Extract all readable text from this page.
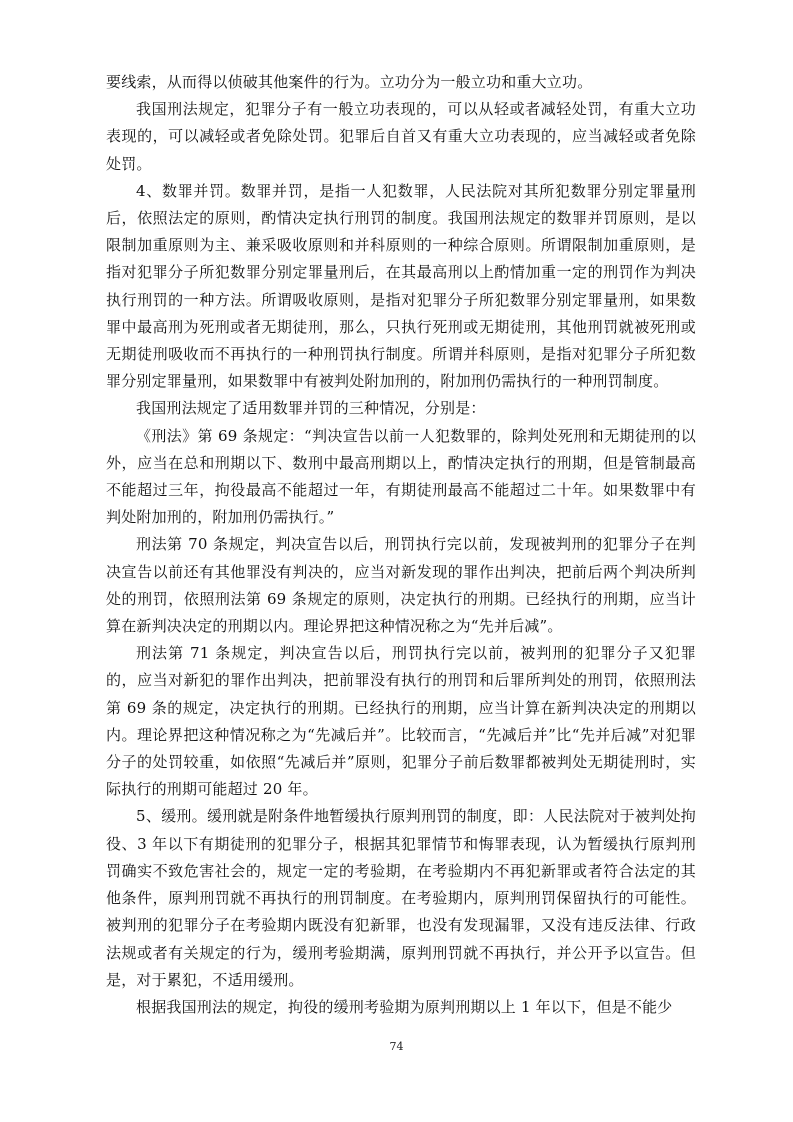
要线索，从而得以侦破其他案件的行为。立功分为一般立功和重大立功。

我国刑法规定，犯罪分子有一般立功表现的，可以从轻或者减轻处罚，有重大立功表现的，可以减轻或者免除处罚。犯罪后自首又有重大立功表现的，应当减轻或者免除处罚。

4、数罪并罚。数罪并罚，是指一人犯数罪，人民法院对其所犯数罪分别定罪量刑后，依照法定的原则，酌情决定执行刑罚的制度。我国刑法规定的数罪并罚原则，是以限制加重原则为主、兼采吸收原则和并科原则的一种综合原则。所谓限制加重原则，是指对犯罪分子所犯数罪分别定罪量刑后，在其最高刑以上酌情加重一定的刑罚作为判决执行刑罚的一种方法。所谓吸收原则，是指对犯罪分子所犯数罪分别定罪量刑，如果数罪中最高刑为死刑或者无期徒刑，那么，只执行死刑或无期徒刑，其他刑罚就被死刑或无期徒刑吸收而不再执行的一种刑罚执行制度。所谓并科原则，是指对犯罪分子所犯数罪分别定罪量刑，如果数罪中有被判处附加刑的，附加刑仍需执行的一种刑罚制度。

我国刑法规定了适用数罪并罚的三种情况，分别是：

《刑法》第 69 条规定：“判决宣告以前一人犯数罪的，除判处死刑和无期徒刑的以外，应当在总和刑期以下、数刑中最高刑期以上，酌情决定执行的刑期，但是管制最高不能超过三年，拘役最高不能超过一年，有期徒刑最高不能超过二十年。如果数罪中有判处附加刑的，附加刑仍需执行。”

刑法第 70 条规定，判决宣告以后，刑罚执行完以前，发现被判刑的犯罪分子在判决宣告以前还有其他罪没有判决的，应当对新发现的罪作出判决，把前后两个判决所判处的刑罚，依照刑法第 69 条规定的原则，决定执行的刑期。已经执行的刑期，应当计算在新判决决定的刑期以内。理论界把这种情况称之为“先并后减”。

刑法第 71 条规定，判决宣告以后，刑罚执行完以前，被判刑的犯罪分子又犯罪的，应当对新犯的罪作出判决，把前罪没有执行的刑罚和后罪所判处的刑罚，依照刑法第 69 条的规定，决定执行的刑期。已经执行的刑期，应当计算在新判决决定的刑期以内。理论界把这种情况称之为“先减后并”。比较而言，“先减后并”比“先并后减”对犯罪分子的处罚较重，如依照“先减后并”原则，犯罪分子前后数罪都被判处无期徒刑时，实际执行的刑期可能超过 20 年。

5、缓刑。缓刑就是附条件地暂缓执行原判刑罚的制度，即：人民法院对于被判处拘役、3 年以下有期徒刑的犯罪分子，根据其犯罪情节和悔罪表现，认为暂缓执行原判刑罚确实不致危害社会的，规定一定的考验期，在考验期内不再犯新罪或者符合法定的其他条件，原判刑罚就不再执行的刑罚制度。在考验期内，原判刑罚保留执行的可能性。被判刑的犯罪分子在考验期内既没有犯新罪，也没有发现漏罪，又没有违反法律、行政法规或者有关规定的行为，缓刑考验期满，原判刑罚就不再执行，并公开予以宣告。但是，对于累犯，不适用缓刑。

根据我国刑法的规定，拘役的缓刑考验期为原判刑期以上 1 年以下，但是不能少

74
